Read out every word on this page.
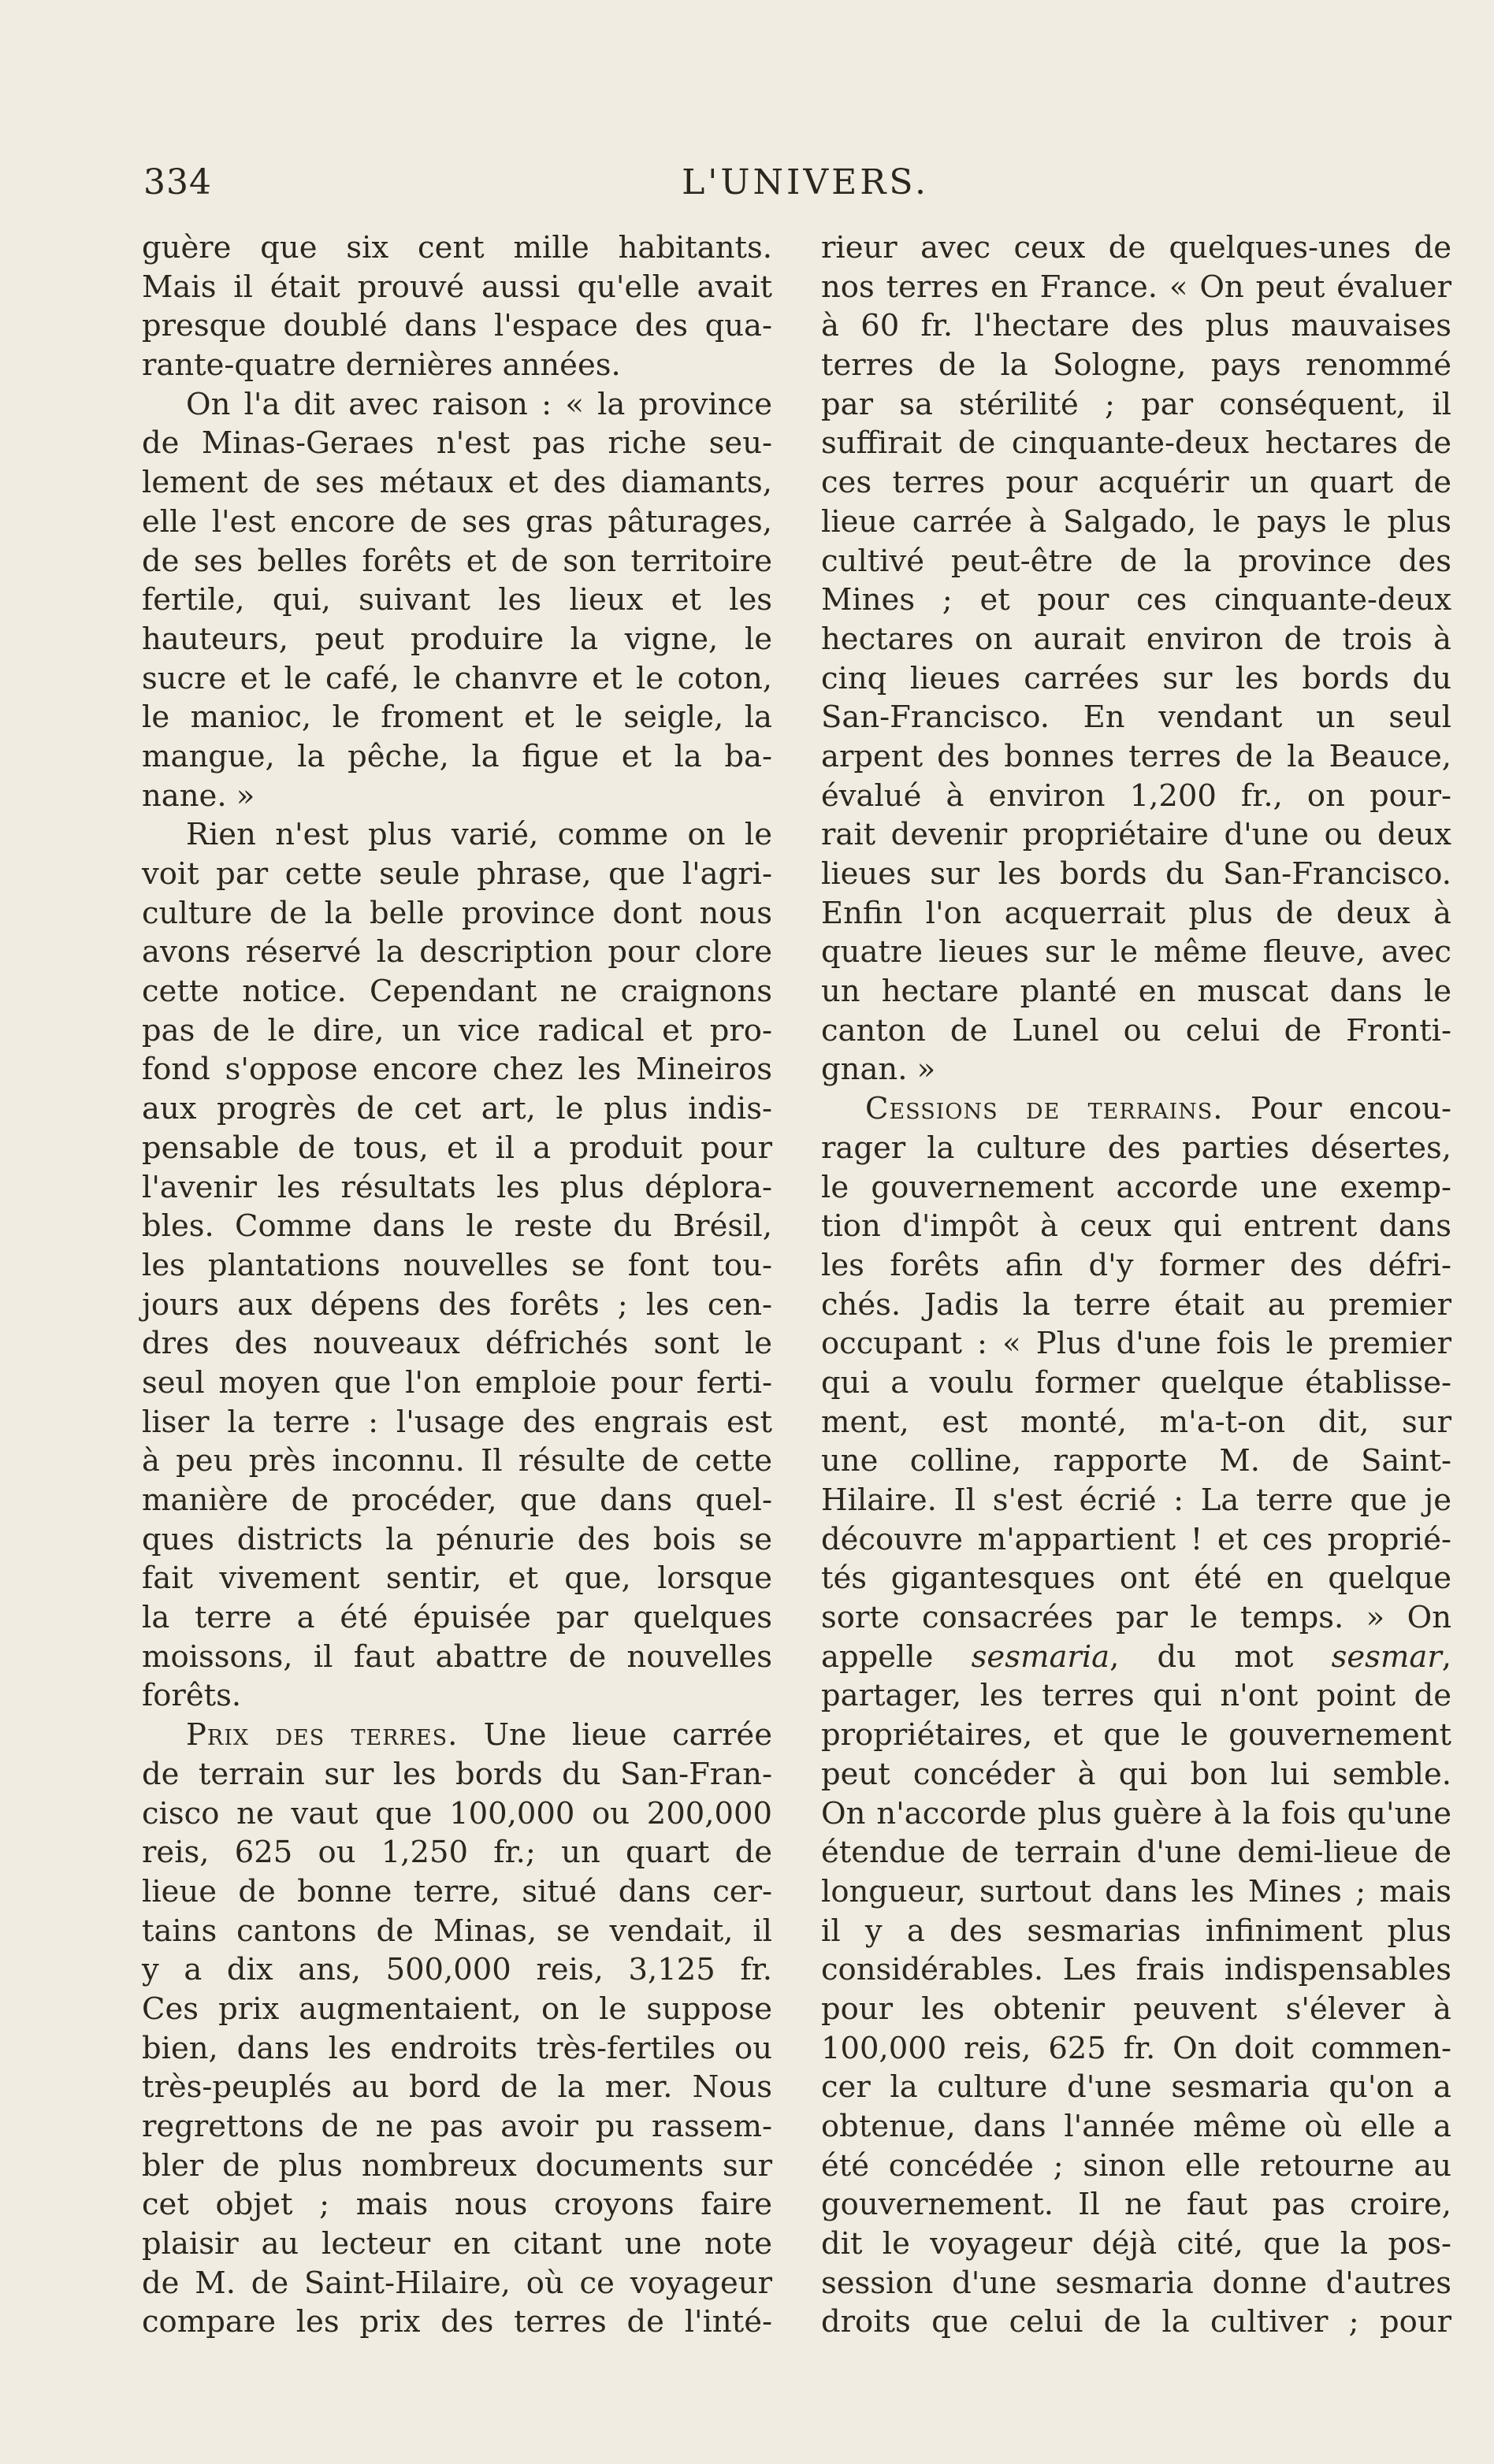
334	L'UNIVERS.
guère que six cent mille habitants.
Mais il était prouvé aussi qu'elle avait
presque doublé dans l'espace des qua-
rante-quatre dernières années.
On l'a dit avec raison : « la province
de Minas-Geraes n'est pas riche seu-
lement de ses métaux et des diamants,
elle l'est encore de ses gras pâturages,
de ses belles forêts et de son territoire
fertile, qui, suivant les lieux et les
hauteurs, peut produire la vigne, le
sucre et le café, le chanvre et le coton,
le manioc, le froment et le seigle, la
mangue, la pêche, la figue et la ba-
nane. »
Rien n'est plus varié, comme on le
voit par cette seule phrase, que l'agri-
culture de la belle province dont nous
avons réservé la description pour clore
cette notice. Cependant ne craignons
pas de le dire, un vice radical et pro-
fond s'oppose encore chez les Mineiros
aux progrès de cet art, le plus indis-
pensable de tous, et il a produit pour
l'avenir les résultats les plus déplora-
bles. Comme dans le reste du Brésil,
les plantations nouvelles se font tou-
jours aux dépens des forêts ; les cen-
dres des nouveaux défrichés sont le
seul moyen que l'on emploie pour ferti-
liser la terre : l'usage des engrais est
à peu près inconnu. Il résulte de cette
manière de procéder, que dans quel-
ques districts la pénurie des bois se
fait vivement sentir, et que, lorsque
la terre a été épuisée par quelques
moissons, il faut abattre de nouvelles
forêts.
Prix des terres. Une lieue carrée
de terrain sur les bords du San-Fran-
cisco ne vaut que 100,000 ou 200,000
reis, 625 ou 1,250 fr.; un quart de
lieue de bonne terre, situé dans cer-
tains cantons de Minas, se vendait, il
y a dix ans, 500,000 reis, 3,125 fr.
Ces prix augmentaient, on le suppose
bien, dans les endroits très-fertiles ou
très-peuplés au bord de la mer. Nous
regrettons de ne pas avoir pu rassem-
bler de plus nombreux documents sur
cet objet ; mais nous croyons faire
plaisir au lecteur en citant une note
de M. de Saint-Hilaire, où ce voyageur
compare les prix des terres de l'inté-
rieur avec ceux de quelques-unes de
nos terres en France. « On peut évaluer
à 60 fr. l'hectare des plus mauvaises
terres de la Sologne, pays renommé
par sa stérilité ; par conséquent, il
suffirait de cinquante-deux hectares de
ces terres pour acquérir un quart de
lieue carrée à Salgado, le pays le plus
cultivé peut-être de la province des
Mines ; et pour ces cinquante-deux
hectares on aurait environ de trois à
cinq lieues carrées sur les bords du
San-Francisco. En vendant un seul
arpent des bonnes terres de la Beauce,
évalué à environ 1,200 fr., on pour-
rait devenir propriétaire d'une ou deux
lieues sur les bords du San-Francisco.
Enfin l'on acquerrait plus de deux à
quatre lieues sur le même fleuve, avec
un hectare planté en muscat dans le
canton de Lunel ou celui de Fronti-
gnan. »
Cessions de terrains. Pour encou-
rager la culture des parties désertes,
le gouvernement accorde une exemp-
tion d'impôt à ceux qui entrent dans
les forêts afin d'y former des défri-
chés. Jadis la terre était au premier
occupant : « Plus d'une fois le premier
qui a voulu former quelque établisse-
ment, est monté, m'a-t-on dit, sur
une colline, rapporte M. de Saint-
Hilaire. Il s'est écrié : La terre que je
découvre m'appartient ! et ces proprié-
tés gigantesques ont été en quelque
sorte consacrées par le temps. » On
appelle sesmaria, du mot sesmar,
partager, les terres qui n'ont point de
propriétaires, et que le gouvernement
peut concéder à qui bon lui semble.
On n'accorde plus guère à la fois qu'une
étendue de terrain d'une demi-lieue de
longueur, surtout dans les Mines ; mais
il y a des sesmarias infiniment plus
considérables. Les frais indispensables
pour les obtenir peuvent s'élever à
100,000 reis, 625 fr. On doit commen-
cer la culture d'une sesmaria qu'on a
obtenue, dans l'année même où elle a
été concédée ; sinon elle retourne au
gouvernement. Il ne faut pas croire,
dit le voyageur déjà cité, que la pos-
session d'une sesmaria donne d'autres
droits que celui de la cultiver ; pour
